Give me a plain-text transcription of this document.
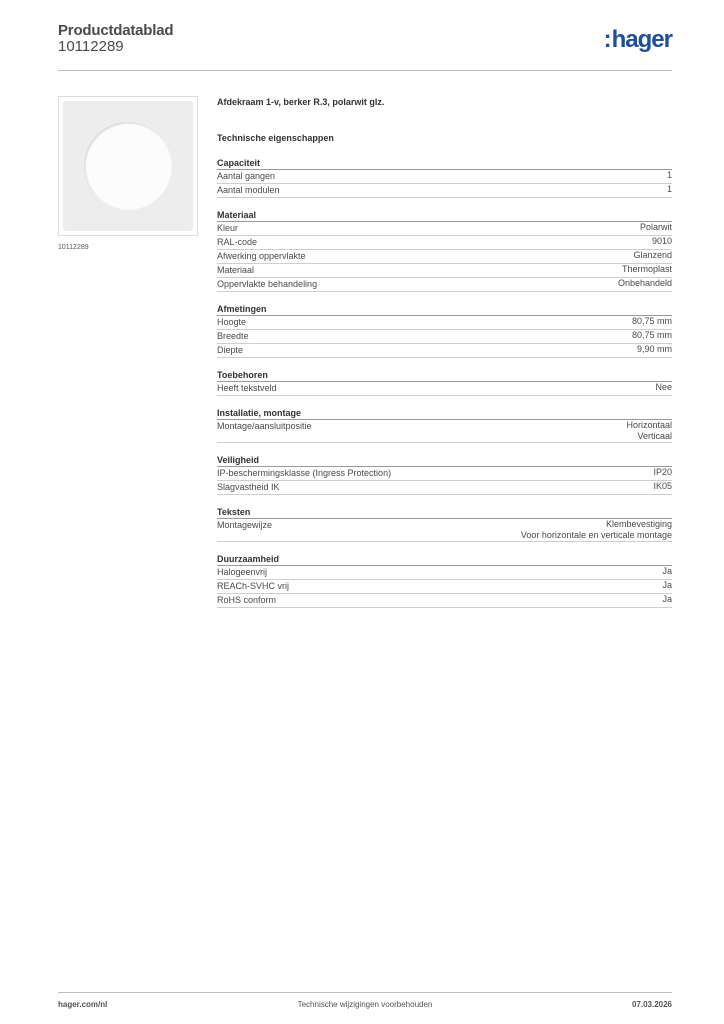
Productdatablad
10112289	:hager
10112289
Afdekraam 1-v, berker R.3, polarwit glz.
Technische eigenschappen
Capaciteit
Aantal gangen	1
Aantal modulen	1
Materiaal
Kleur	Polarwit
RAL-code	9010
Afwerking oppervlakte	Glanzend
Materiaal	Thermoplast
Oppervlakte behandeling	Onbehandeld
Afmetingen
Hoogte	80,75 mm
Breedte	80,75 mm
Diepte	9,90 mm
Toebehoren
Heeft tekstveld	Nee
Installatie, montage
Montage/aansluitpositie	Horizontaal
Verticaal
Veiligheid
IP-beschermingsklasse (Ingress Protection)	IP20
Slagvastheid IK	IK05
Teksten
Montagewijze	Klembevestiging
Voor horizontale en verticale montage
Duurzaamheid
Halogeenvrij	Ja
REACh-SVHC vrij	Ja
RoHS conform	Ja
hager.com/nl	Technische wijzigingen voorbehouden	07.03.2026
